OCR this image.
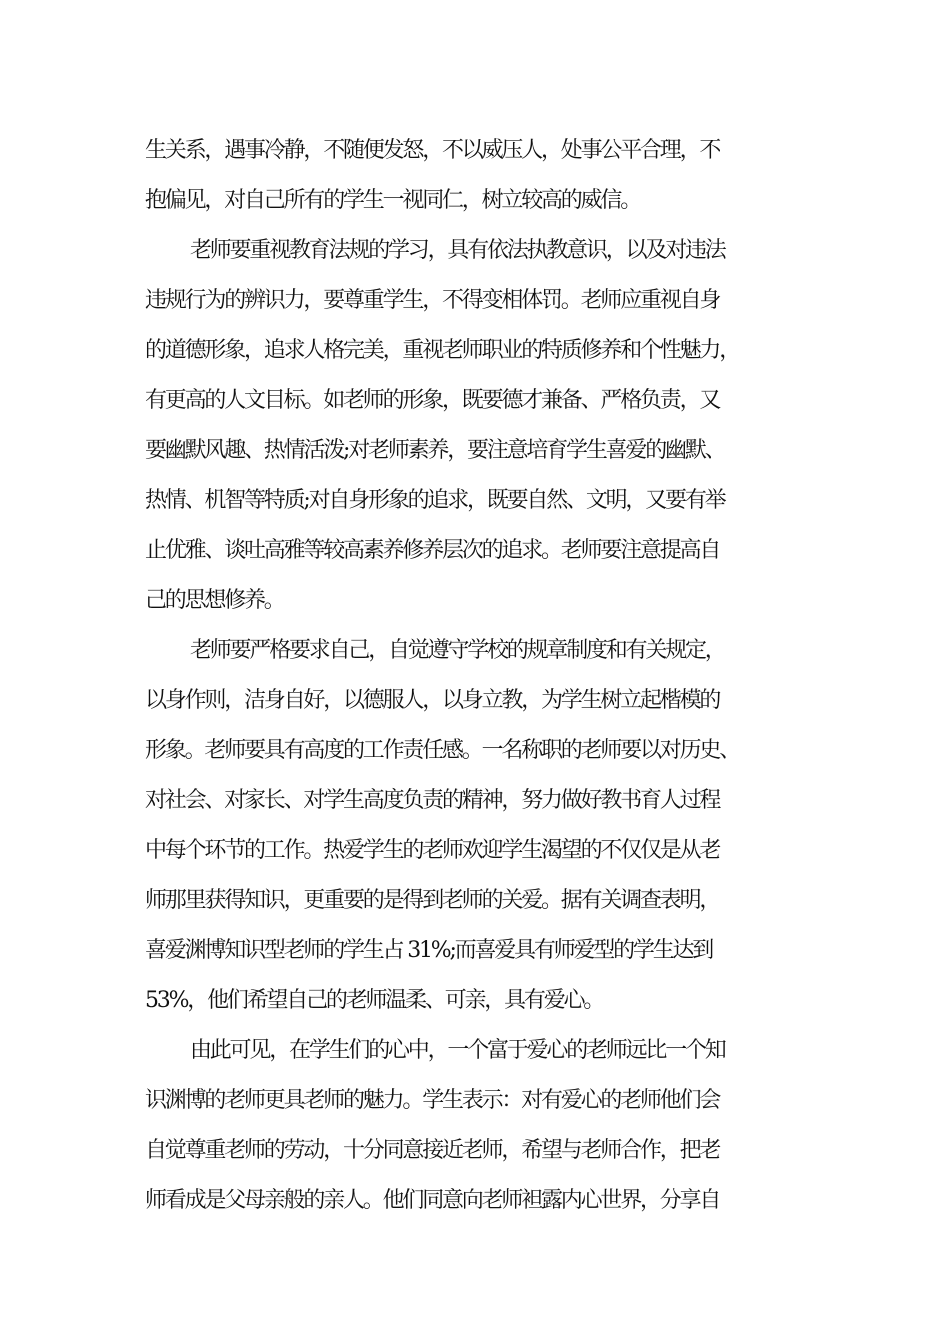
生关系，遇事冷静，不随便发怒，不以威压人，处事公平合理，不

抱偏见，对自己所有的学生一视同仁，树立较高的威信。

老师要重视教育法规的学习，具有依法执教意识，以及对违法

违规行为的辨识力，要尊重学生，不得变相体罚。老师应重视自身

的道德形象，追求人格完美，重视老师职业的特质修养和个性魅力，

有更高的人文目标。如老师的形象，既要德才兼备、严格负责，又

要幽默风趣、热情活泼;对老师素养，要注意培育学生喜爱的幽默、

热情、机智等特质;对自身形象的追求，既要自然、文明，又要有举

止优雅、谈吐高雅等较高素养修养层次的追求。老师要注意提高自

己的思想修养。

老师要严格要求自己，自觉遵守学校的规章制度和有关规定，

以身作则，洁身自好，以德服人，以身立教，为学生树立起楷模的

形象。老师要具有高度的工作责任感。一名称职的老师要以对历史、

对社会、对家长、对学生高度负责的精神，努力做好教书育人过程

中每个环节的工作。热爱学生的老师欢迎学生渴望的不仅仅是从老

师那里获得知识，更重要的是得到老师的关爱。据有关调查表明，

喜爱渊博知识型老师的学生占 31%;而喜爱具有师爱型的学生达到

53%，他们希望自己的老师温柔、可亲，具有爱心。

由此可见，在学生们的心中，一个富于爱心的老师远比一个知

识渊博的老师更具老师的魅力。学生表示：对有爱心的老师他们会

自觉尊重老师的劳动，十分同意接近老师，希望与老师合作，把老

师看成是父母亲般的亲人。他们同意向老师袒露内心世界，分享自
